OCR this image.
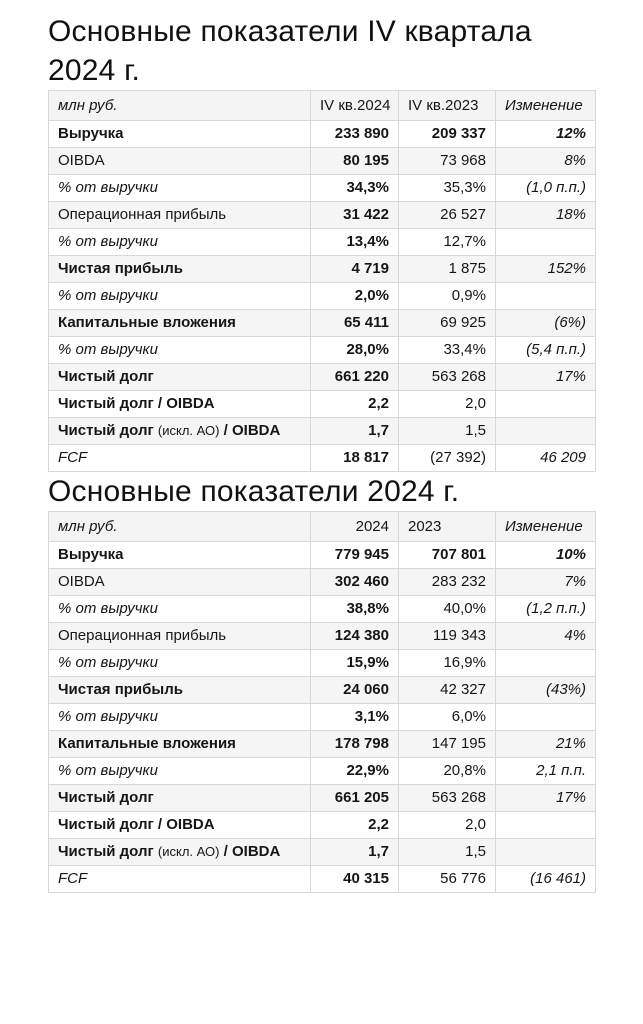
Основные показатели IV квартала 2024 г.
млн руб.	IV кв.2024	IV кв.2023	Изменение
Выручка	233 890	209 337	12%
OIBDA	80 195	73 968	8%
% от выручки	34,3%	35,3%	(1,0 п.п.)
Операционная прибыль	31 422	26 527	18%
% от выручки	13,4%	12,7%	
Чистая прибыль	4 719	1 875	152%
% от выручки	2,0%	0,9%	
Капитальные вложения	65 411	69 925	(6%)
% от выручки	28,0%	33,4%	(5,4 п.п.)
Чистый долг	661 220	563 268	17%
Чистый долг / OIBDA	2,2	2,0	
Чистый долг (искл. АО) / OIBDA	1,7	1,5	
FCF	18 817	(27 392)	46 209
Основные показатели 2024 г.
млн руб.	2024	2023	Изменение
Выручка	779 945	707 801	10%
OIBDA	302 460	283 232	7%
% от выручки	38,8%	40,0%	(1,2 п.п.)
Операционная прибыль	124 380	119 343	4%
% от выручки	15,9%	16,9%	
Чистая прибыль	24 060	42 327	(43%)
% от выручки	3,1%	6,0%	
Капитальные вложения	178 798	147 195	21%
% от выручки	22,9%	20,8%	2,1 п.п.
Чистый долг	661 205	563 268	17%
Чистый долг / OIBDA	2,2	2,0	
Чистый долг (искл. АО) / OIBDA	1,7	1,5	
FCF	40 315	56 776	(16 461)
